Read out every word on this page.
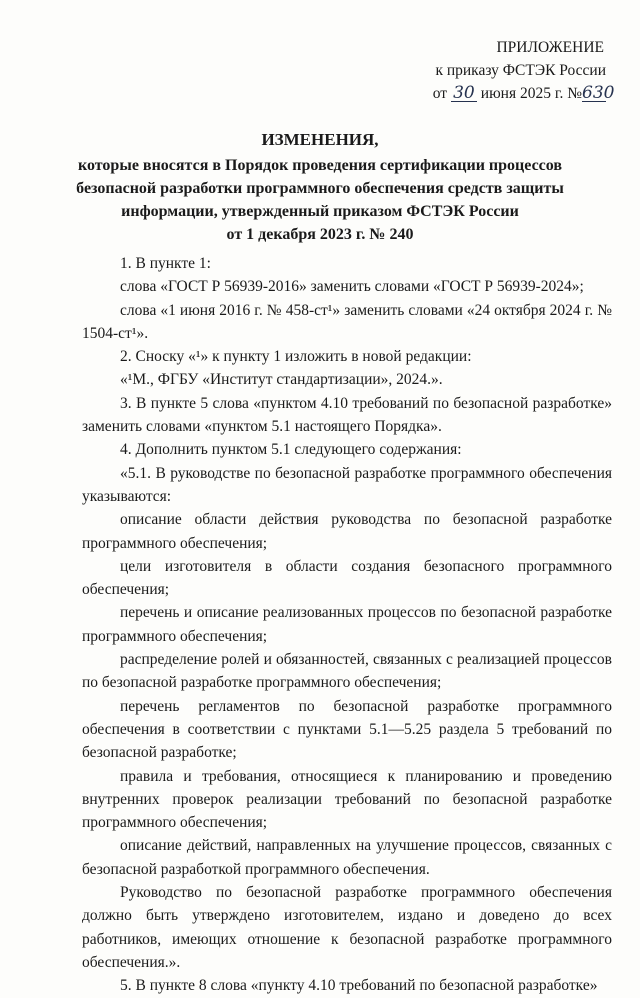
ПРИЛОЖЕНИЕ
к приказу ФСТЭК России
от 30 июня 2025 г. №630
ИЗМЕНЕНИЯ,
которые вносятся в Порядок проведения сертификации процессов
безопасной разработки программного обеспечения средств защиты
информации, утвержденный приказом ФСТЭК России
от 1 декабря 2023 г. № 240

1. В пункте 1:

слова «ГОСТ Р 56939-2016» заменить словами «ГОСТ Р 56939-2024»;

слова «1 июня 2016 г. № 458-ст¹» заменить словами «24 октября 2024 г. № 1504-ст¹».

2. Сноску «¹» к пункту 1 изложить в новой редакции:

«¹М., ФГБУ «Институт стандартизации», 2024.».

3. В пункте 5 слова «пунктом 4.10 требований по безопасной разработке» заменить словами «пунктом 5.1 настоящего Порядка».

4. Дополнить пунктом 5.1 следующего содержания:

«5.1. В руководстве по безопасной разработке программного обеспечения указываются:

описание области действия руководства по безопасной разработке программного обеспечения;

цели изготовителя в области создания безопасного программного обеспечения;

перечень и описание реализованных процессов по безопасной разработке программного обеспечения;

распределение ролей и обязанностей, связанных с реализацией процессов по безопасной разработке программного обеспечения;

перечень регламентов по безопасной разработке программного обеспечения в соответствии с пунктами 5.1—5.25 раздела 5 требований по безопасной разработке;

правила и требования, относящиеся к планированию и проведению внутренних проверок реализации требований по безопасной разработке программного обеспечения;

описание действий, направленных на улучшение процессов, связанных с безопасной разработкой программного обеспечения.

Руководство по безопасной разработке программного обеспечения должно быть утверждено изготовителем, издано и доведено до всех работников, имеющих отношение к безопасной разработке программного обеспечения.».

5. В пункте 8 слова «пункту 4.10 требований по безопасной разработке»
